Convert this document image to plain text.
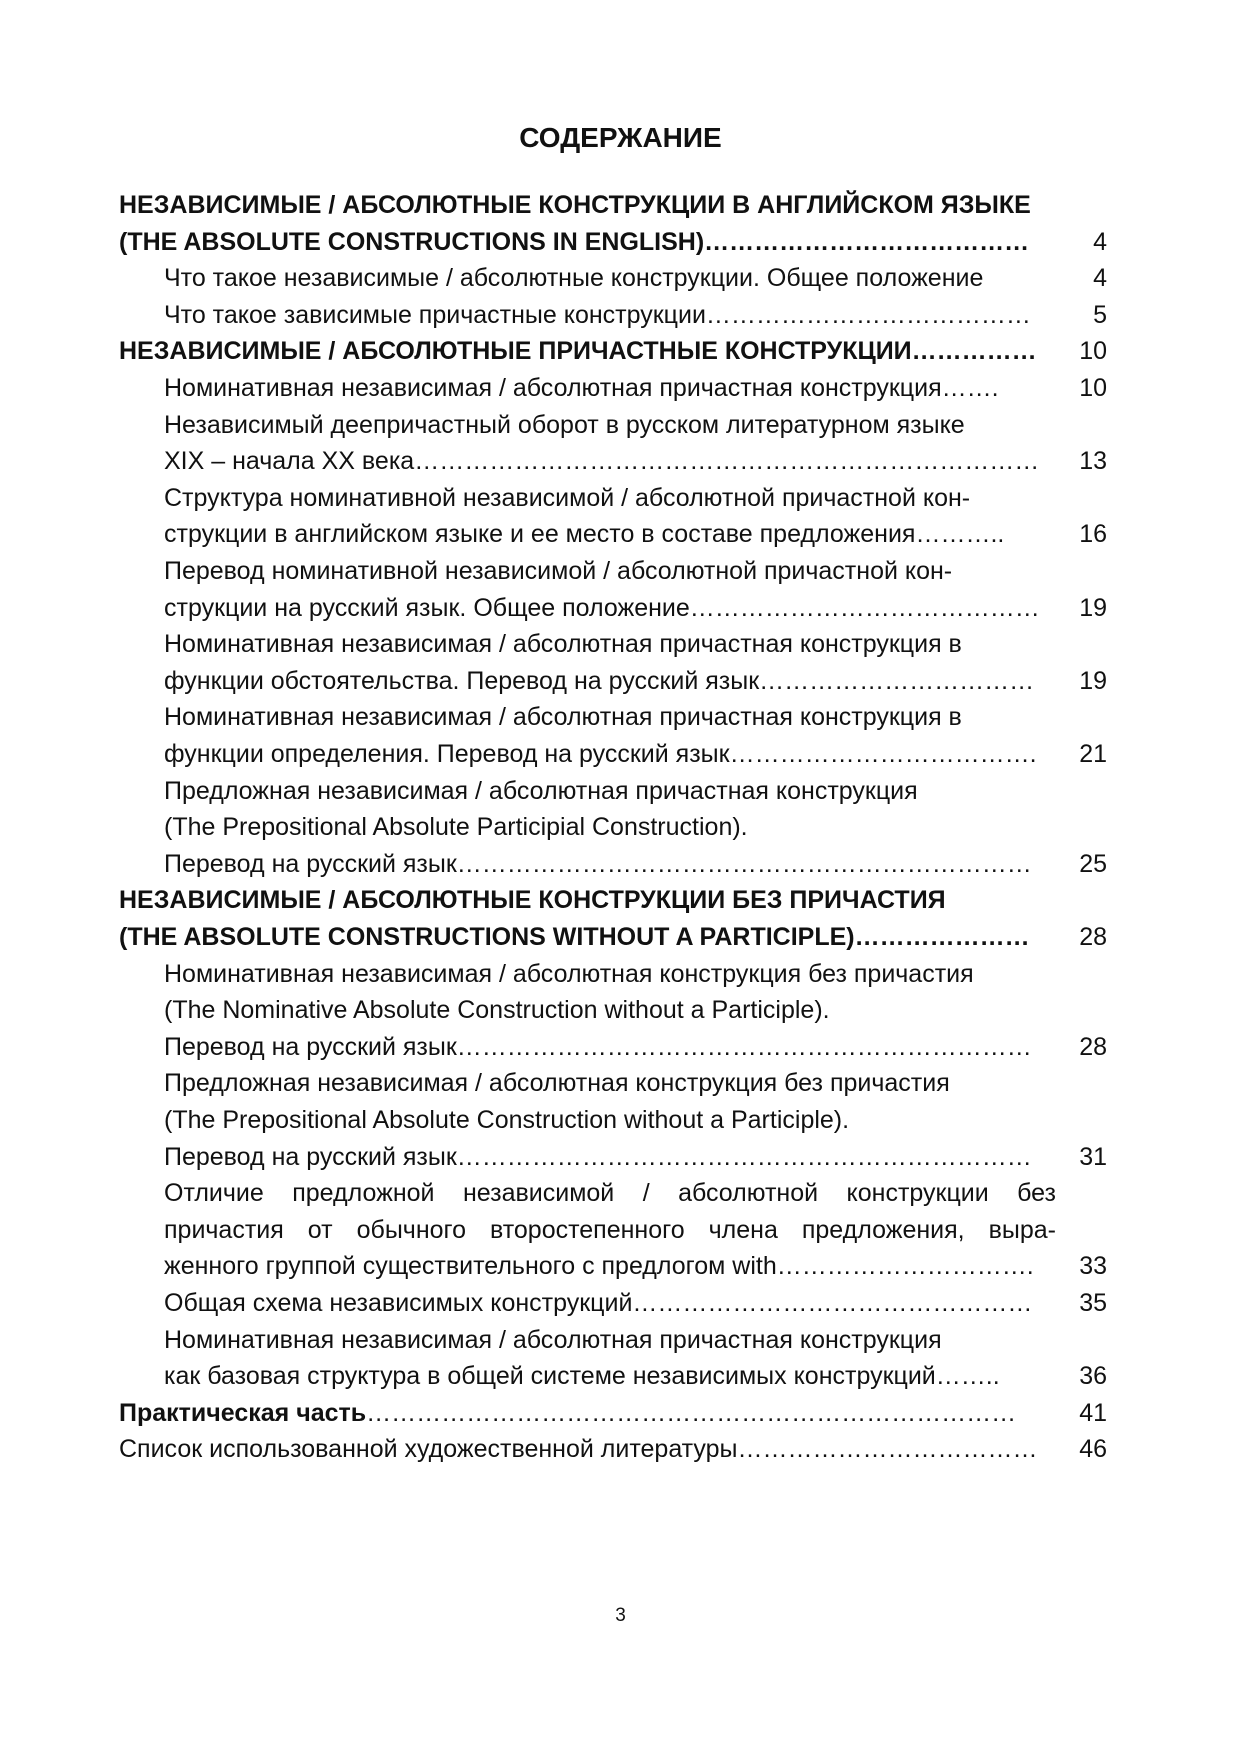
СОДЕРЖАНИЕ
НЕЗАВИСИМЫЕ / АБСОЛЮТНЫЕ КОНСТРУКЦИИ В АНГЛИЙСКОМ ЯЗЫКЕ
(THE ABSOLUTE CONSTRUCTIONS IN ENGLISH)…………………………………	4
Что такое независимые / абсолютные конструкции. Общее положение	4
Что такое зависимые причастные конструкции…………………………………	5
НЕЗАВИСИМЫЕ / АБСОЛЮТНЫЕ ПРИЧАСТНЫЕ КОНСТРУКЦИИ……………	10
Номинативная независимая / абсолютная причастная конструкция…….	10
Независимый деепричастный оборот в русском литературном языке
XIX – начала XX века…………………………………………………………………	13
Структура номинативной независимой / абсолютной причастной кон-
струкции в английском языке и ее место в составе предложения………..	16
Перевод номинативной независимой / абсолютной причастной кон-
струкции на русский язык. Общее положение……………………………………	19
Номинативная независимая / абсолютная причастная конструкция в
функции обстоятельства. Перевод на русский язык……………………………	19
Номинативная независимая / абсолютная причастная конструкция в
функции определения. Перевод на русский язык……………………………….	21
Предложная независимая / абсолютная причастная конструкция
(The Prepositional Absolute Participial Construction).
Перевод на русский язык……………………………………………………………	25
НЕЗАВИСИМЫЕ / АБСОЛЮТНЫЕ КОНСТРУКЦИИ БЕЗ ПРИЧАСТИЯ
(THE ABSOLUTE CONSTRUCTIONS WITHOUT A PARTICIPLE)…………………	28
Номинативная независимая / абсолютная конструкция без причастия
(The Nominative Absolute Construction without a Participle).
Перевод на русский язык……………………………………………………………	28
Предложная независимая / абсолютная конструкция без причастия
(The Prepositional Absolute Construction without a Participle).
Перевод на русский язык……………………………………………………………	31
Отличие предложной независимой / абсолютной конструкции без
причастия от обычного второстепенного члена предложения, выра-
женного группой существительного с предлогом with………………………….	33
Общая схема независимых конструкций…………………………………………	35
Номинативная независимая / абсолютная причастная конструкция
как базовая структура в общей системе независимых конструкций……..	36
Практическая часть……………………………………………………………………	41
Список использованной художественной литературы………………………………	46
3
